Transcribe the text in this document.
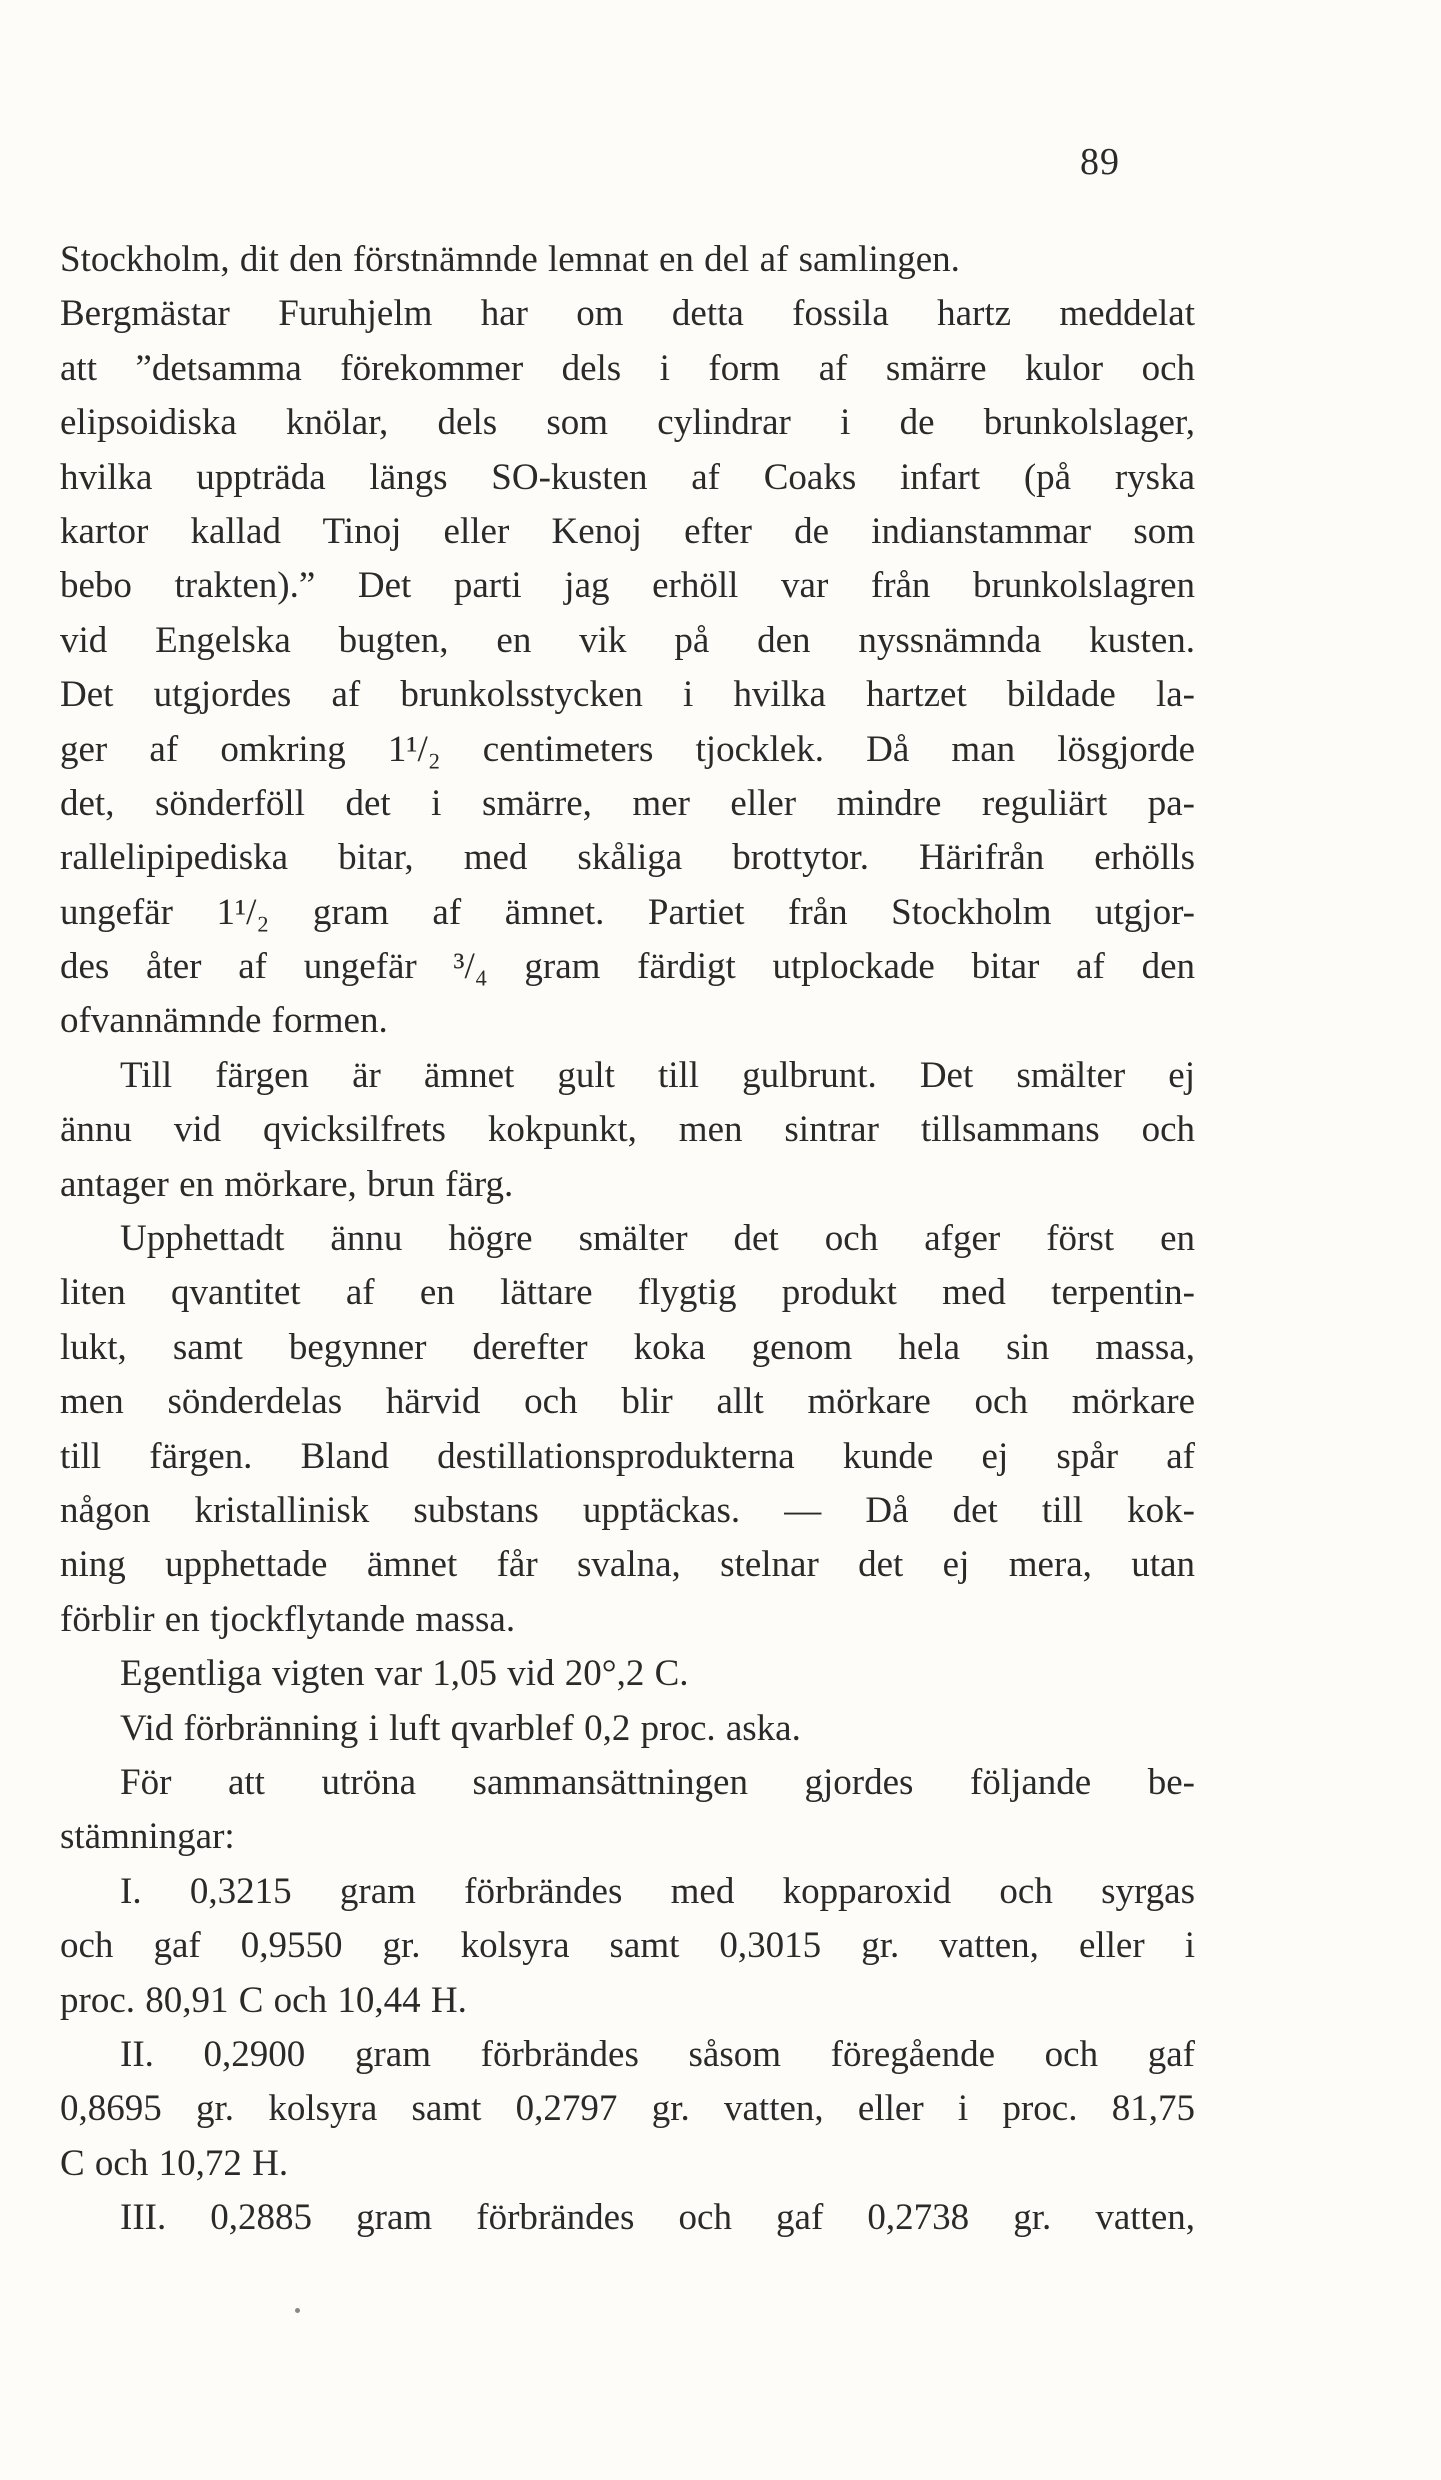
89
Stockholm, dit den förstnämnde lemnat en del af samlingen.
Bergmästar Furuhjelm har om detta fossila hartz meddelat
att ”detsamma förekommer dels i form af smärre kulor och
elipsoidiska knölar, dels som cylindrar i de brunkolslager,
hvilka uppträda längs SO-kusten af Coaks infart (på ryska
kartor kallad Tinoj eller Kenoj efter de indianstammar som
bebo trakten).” Det parti jag erhöll var från brunkolslagren
vid Engelska bugten, en vik på den nyssnämnda kusten.
Det utgjordes af brunkolsstycken i hvilka hartzet bildade la-
ger af omkring 1¹/₂ centimeters tjocklek. Då man lösgjorde
det, sönderföll det i smärre, mer eller mindre reguliärt pa-
rallelipipediska bitar, med skåliga brottytor. Härifrån erhölls
ungefär 1¹/₂ gram af ämnet. Partiet från Stockholm utgjor-
des åter af ungefär ³/₄ gram färdigt utplockade bitar af den
ofvannämnde formen.
Till färgen är ämnet gult till gulbrunt. Det smälter ej
ännu vid qvicksilfrets kokpunkt, men sintrar tillsammans och
antager en mörkare, brun färg.
Upphettadt ännu högre smälter det och afger först en
liten qvantitet af en lättare flygtig produkt med terpentin-
lukt, samt begynner derefter koka genom hela sin massa,
men sönderdelas härvid och blir allt mörkare och mörkare
till färgen. Bland destillationsprodukterna kunde ej spår af
någon kristallinisk substans upptäckas. — Då det till kok-
ning upphettade ämnet får svalna, stelnar det ej mera, utan
förblir en tjockflytande massa.
Egentliga vigten var 1,05 vid 20°,2 C.
Vid förbränning i luft qvarblef 0,2 proc. aska.
För att utröna sammansättningen gjordes följande be-
stämningar:
I. 0,3215 gram förbrändes med kopparoxid och syrgas
och gaf 0,9550 gr. kolsyra samt 0,3015 gr. vatten, eller i
proc. 80,91 C och 10,44 H.
II. 0,2900 gram förbrändes såsom föregående och gaf
0,8695 gr. kolsyra samt 0,2797 gr. vatten, eller i proc. 81,75
C och 10,72 H.
III. 0,2885 gram förbrändes och gaf 0,2738 gr. vatten,
